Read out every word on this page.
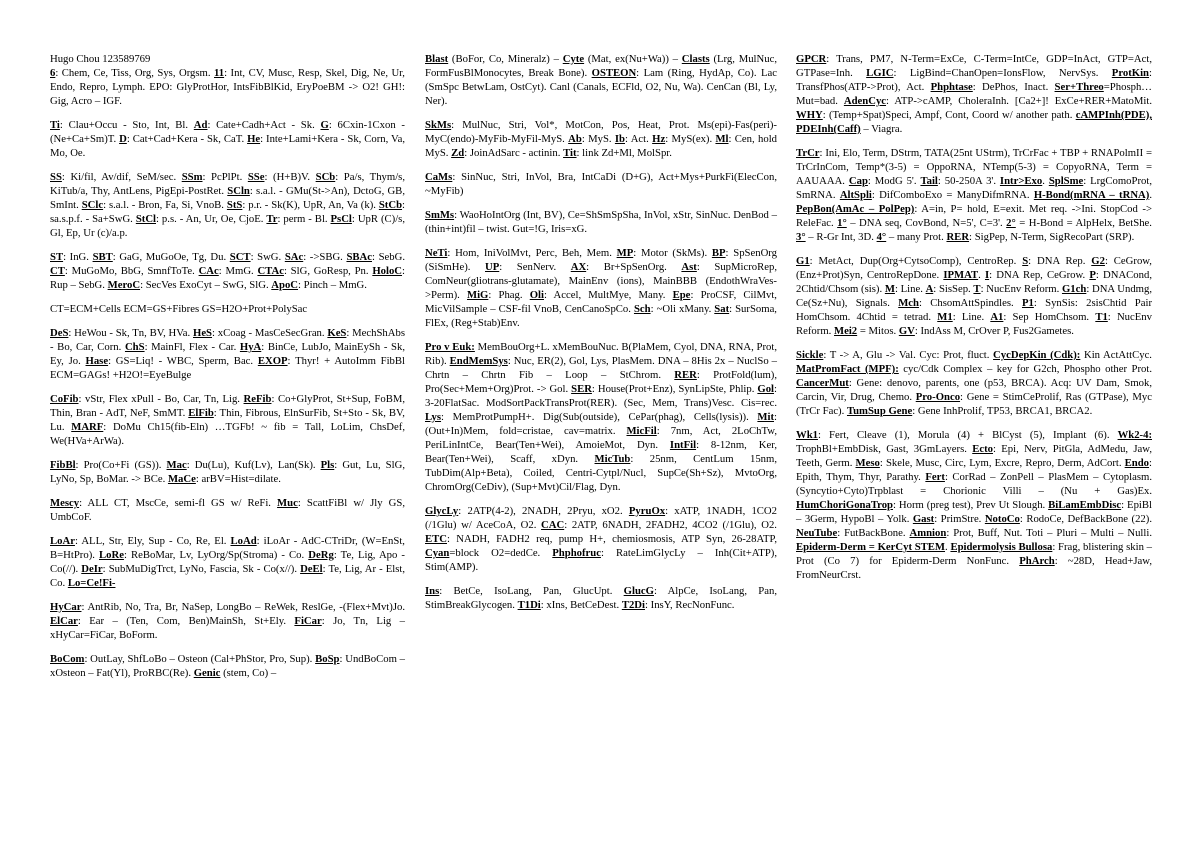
Hugo Chou 123589769
6: Chem, Ce, Tiss, Org, Sys, Orgsm. 11: Int, CV, Musc, Resp, Skel, Dig, Ne, Ur, Endo, Repro, Lymph. EPO: GlyProtHor, IntsFibBlKid, EryPoeBM -> O2! GH!: Gig, Acro – IGF.
Ti: Clau+Occu - Sto, Int, Bl. Ad: Cate+Cadh+Act - Sk. G: 6Cxin-1Cxon - (Ne+Ca+Sm)T. D: Cat+Cad+Kera - Sk, CaT. He: Inte+Lami+Kera - Sk, Corn, Va, Mo, Oe.
SS: Ki/fil, Av/dif, SeM/sec. SSm: PcPlPt. SSe: (H+B)V. SCb: Pa/s, Thym/s, KiTub/a, Thy, AntLens, PigEpi-PostRet. SCln: s.a.l. - GMu(St->An), DctoG, GB, SmInt. SClc: s.a.l. - Bron, Fa, Si, VnoB. StS: p.r. - Sk(K), UpR, An, Va (k). StCb: sa.s.p.f. - Sa+SwG. StCl: p.s. - An, Ur, Oe, CjoE. Tr: perm - Bl. PsCl: UpR (C)/s, Gl, Ep, Ur (c)/a.p.
ST: InG. SBT: GaG, MuGoOe, Tg, Du. SCT: SwG. SAc: ->SBG. SBAc: SebG. CT: MuGoMo, BbG, SmnfToTe. CAc: MmG. CTAc: SlG, GoResp, Pn. HoloC: Rup – SebG. MeroC: SecVes ExoCyt – SwG, SlG. ApoC: Pinch – MmG.
CT=ECM+Cells ECM=GS+Fibres GS=H2O+Prot+PolySac
DeS: HeWou - Sk, Tn, BV, HVa. HeS: xCoag - MasCeSecGran. KeS: MechShAbs - Bo, Car, Corn. ChS: MainFl, Flex - Car. HyA: BinCe, LubJo, MainEySh - Sk, Ey, Jo. Hase: GS=Liq! - WBC, Sperm, Bac. EXOP: Thyr! + AutoImm FibBl ECM=GAGs! +H2O!=EyeBulge
CoFib: vStr, Flex xPull - Bo, Car, Tn, Lig. ReFib: Co+GlyProt, St+Sup, FoBM, Thin, Bran - AdT, NeF, SmMT. ElFib: Thin, Fibrous, ElnSurFib, St+Sto - Sk, BV, Lu. MARF: DoMu Ch15(fib-Eln) …TGFb! ~ fib = Tall, LoLim, ChsDef, We(HVa+ArWa).
FibBl: Pro(Co+Fi (GS)). Mac: Du(Lu), Kuf(Lv), Lan(Sk). Pls: Gut, Lu, SlG, LyNo, Sp, BoMar. -> BCe. MaCe: arBV=Hist=dilate.
Mescy: ALL CT, MscCe, semi-fl GS w/ ReFi. Muc: ScattFiBl w/ Jly GS, UmbCoF.
LoAr: ALL, Str, Ely, Sup - Co, Re, El. LoAd: iLoAr - AdC-CTriDr, (W=EnSt, B=HtPro). LoRe: ReBoMar, Lv, LyOrg/Sp(Stroma) - Co. DeRg: Te, Lig, Apo - Co(//). DeIr: SubMuDigTrct, LyNo, Fascia, Sk - Co(x//). DeEl: Te, Lig, Ar - Elst, Co. Lo=Ce!Fi-
HyCar: AntRib, No, Tra, Br, NaSep, LongBo – ReWek, ReslGe, -(Flex+Mvt)Jo. ElCar: Ear – (Ten, Com, Ben)MainSh, St+Ely. FiCar: Jo, Tn, Lig – xHyCar=FiCar, BoForm.
BoCom: OutLay, ShfLoBo – Osteon (Cal+PhStor, Pro, Sup). BoSp: UndBoCom – xOsteon – Fat(Yl), ProRBC(Re). Genic (stem, Co) –
Blast (BoFor, Co, Mineralz) – Cyte (Mat, ex(Nu+Wa)) – Clasts (Lrg, MulNuc, FormFusBlMonocytes, Break Bone). OSTEON: Lam (Ring, HydAp, Co). Lac (SmSpc BetwLam, OstCyt). Canl (Canals, ECFld, O2, Nu, Wa). CenCan (Bl, Ly, Ner).
SkMs: MulNuc, Stri, Vol*, MotCon, Pos, Heat, Prot. Ms(epi)-Fas(peri)-MyC(endo)-MyFib-MyFil-MyS. Ab: MyS. Ib: Act. Hz: MyS(ex). Ml: Cen, hold MyS. Zd: JoinAdSarc - actinin. Tit: link Zd+Ml, MolSpr.
CaMs: SinNuc, Stri, InVol, Bra, IntCaDi (D+G), Act+Mys+PurkFi(ElecCon, ~MyFib)
SmMs: WaoHoIntOrg (Int, BV), Ce=ShSmSpSha, InVol, xStr, SinNuc. DenBod – (thin+int)fil – twist. Gut=!G, Iris=xG.
NeTi: Hom, IniVolMvt, Perc, Beh, Mem. MP: Motor (SkMs). BP: SpSenOrg (SiSmHe). UP: SenNerv. AX: Br+SpSenOrg. Ast: SupMicroRep, ComNeur(gliotrans-glutamate), MainEnv (ions), MainBBB (EndothWraVes->Perm). MiG: Phag. Oli: Accel, MultMye, Many. Epe: ProCSF, CilMvt, MicVilSample – CSF-fil VnoB, CenCanoSpCo. Sch: ~Oli xMany. Sat: SurSoma, FlEx, (Reg+Stab)Env.
Pro v Euk: MemBouOrg+L. xMemBouNuc. B(PlaMem, Cyol, DNA, RNA, Prot, Rib). EndMemSys: Nuc, ER(2), Gol, Lys, PlasMem. DNA – 8His 2x – NuclSo – Chrtn – Chrtn Fib – Loop – StChrom. RER: ProtFold(lum), Pro(Sec+Mem+Org)Prot. -> Gol. SER: House(Prot+Enz), SynLipSte, Phlip. Gol: 3-20FlatSac. ModSortPackTransProt(RER). (Sec, Mem, Trans)Vesc. Cis=rec. Lys: MemProtPumpH+. Dig(Sub(outside), CePar(phag), Cells(lysis)). Mit: (Out+In)Mem, fold=cristae, cav=matrix. MicFil: 7nm, Act, 2LoChTw, PeriLinIntCe, Bear(Ten+Wei), AmoieMot, Dyn. IntFil: 8-12nm, Ker, Bear(Ten+Wei), Scaff, xDyn. MicTub: 25nm, CentLum 15nm, TubDim(Alp+Beta), Coiled, Centri-Cytpl/Nucl, SupCe(Sh+Sz), MvtoOrg, ChromOrg(CeDiv), (Sup+Mvt)Cil/Flag, Dyn.
GlycLy: 2ATP(4-2), 2NADH, 2Pryu, xO2. PyruOx: xATP, 1NADH, 1CO2 (/1Glu) w/ AceCoA, O2. CAC: 2ATP, 6NADH, 2FADH2, 4CO2 (/1Glu), O2. ETC: NADH, FADH2 req, pump H+, chemiosmosis, ATP Syn, 26-28ATP, Cyan=block O2=dedCe. Phphofruc: RateLimGlycLy – Inh(Cit+ATP), Stim(AMP).
Ins: BetCe, IsoLang, Pan, GlucUpt. GlucG: AlpCe, IsoLang, Pan, StimBreakGlycogen. T1Di: xIns, BetCeDest. T2Di: InsY, RecNonFunc.
GPCR: Trans, PM7, N-Term=ExCe, C-Term=IntCe, GDP=InAct, GTP=Act, GTPase=Inh. LGIC: LigBind=ChanOpen=IonsFlow, NervSys. ProtKin: TransfPhos(ATP->Prot), Act. Phphtase: DePhos, Inact. Ser+Threo=Phosph… Mut=bad. AdenCyc: ATP->cAMP, CholeraInh. [Ca2+]! ExCe+RER+MatoMit. WHY: (Temp+Spat)Speci, Ampf, Cont, Coord w/ another path. cAMPInh(PDE), PDEInh(Caff) – Viagra.
TrCr: Ini, Elo, Term, DStrm, TATA(25nt UStrm), TrCrFac + TBP + RNAPolmII = TrCrInCom, Temp*(3-5) = OppoRNA, NTemp(5-3) = CopyoRNA, Term = AAUAAA. Cap: ModG 5'. Tail: 50-250A 3'. Intr>Exo. SplSme: LrgComoProt, SmRNA. AltSpli: DifComboExo = ManyDifmRNA. H-Bond(mRNA – tRNA). PepBon(AmAc – PolPep): A=in, P= hold, E=exit. Met req. ->Ini. StopCod -> ReleFac. 1° – DNA seq, CovBond, N=5', C=3'. 2° = H-Bond = AlpHelx, BetShe. 3° – R-Gr Int, 3D. 4° – many Prot. RER: SigPep, N-Term, SigRecoPart (SRP).
G1: MetAct, Dup(Org+CytsoComp), CentroRep. S: DNA Rep. G2: CeGrow, (Enz+Prot)Syn, CentroRepDone. IPMAT. I: DNA Rep, CeGrow. P: DNACond, 2Chtid/Chsom (sis). M: Line. A: SisSep. T: NucEnv Reform. G1ch: DNA Undmg, Ce(Sz+Nu), Signals. Mch: ChsomAttSpindles. P1: SynSis: 2sisChtid Pair HomChsom. 4Chtid = tetrad. M1: Line. A1: Sep HomChsom. T1: NucEnv Reform. Mei2 = Mitos. GV: IndAss M, CrOver P, Fus2Gametes.
Sickle: T -> A, Glu -> Val. Cyc: Prot, fluct. CycDepKin (Cdk): Kin ActAttCyc. MatPromFact (MPF): cyc/Cdk Complex – key for G2ch, Phospho other Prot. CancerMut: Gene: denovo, parents, one (p53, BRCA). Acq: UV Dam, Smok, Carcin, Vir, Drug, Chemo. Pro-Onco: Gene = StimCeProlif, Ras (GTPase), Myc (TrCr Fac). TumSup Gene: Gene InhProlif, TP53, BRCA1, BRCA2.
Wk1: Fert, Cleave (1), Morula (4) + BlCyst (5), Implant (6). Wk2-4: TrophBl+EmbDisk, Gast, 3GmLayers. Ecto: Epi, Nerv, PitGla, AdMedu, Jaw, Teeth, Germ. Meso: Skele, Musc, Circ, Lym, Excre, Repro, Derm, AdCort. Endo: Epith, Thym, Thyr, Parathy. Fert: CorRad – ZonPell – PlasMem – Cytoplasm. (Syncytio+Cyto)Trpblast = Chorionic Villi – (Nu + Gas)Ex. HumChoriGonaTrop: Horm (preg test), Prev Ut Slough. BiLamEmbDisc: EpiBl – 3Germ, HypoBl – Yolk. Gast: PrimStre. NotoCo: RodoCe, DefBackBone (22). NeuTube: FutBackBone. Amnion: Prot, Buff, Nut. Toti – Pluri – Multi – Nulli. Epiderm-Derm = KerCyt STEM. Epidermolysis Bullosa: Frag, blistering skin – Prot (Co 7) for Epiderm-Derm NonFunc. PhArch: ~28D, Head+Jaw, FromNeurCrst.
